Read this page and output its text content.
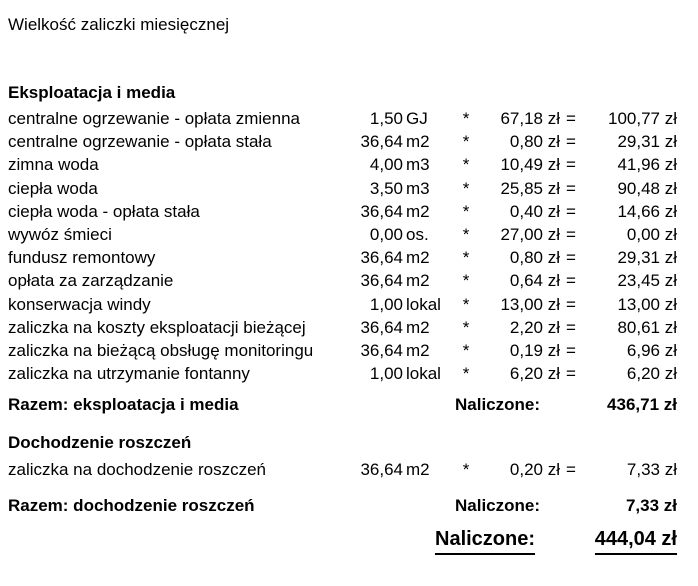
Wielkość zaliczki miesięcznej
Eksploatacja i media
centralne ogrzewanie - opłata zmienna	1,50 GJ	*	67,18 zł =	100,77 zł
centralne ogrzewanie - opłata stała	36,64 m2	*	0,80 zł =	29,31 zł
zimna woda	4,00 m3	*	10,49 zł =	41,96 zł
ciepła woda	3,50 m3	*	25,85 zł =	90,48 zł
ciepła woda - opłata stała	36,64 m2	*	0,40 zł =	14,66 zł
wywóz śmieci	0,00 os.	*	27,00 zł =	0,00 zł
fundusz remontowy	36,64 m2	*	0,80 zł =	29,31 zł
opłata za zarządzanie	36,64 m2	*	0,64 zł =	23,45 zł
konserwacja windy	1,00 lokal	*	13,00 zł =	13,00 zł
zaliczka na koszty eksploatacji bieżącej	36,64 m2	*	2,20 zł =	80,61 zł
zaliczka na bieżącą obsługę monitoringu	36,64 m2	*	0,19 zł =	6,96 zł
zaliczka na utrzymanie fontanny	1,00 lokal	*	6,20 zł =	6,20 zł
Razem: eksploatacja i media	Naliczone:	436,71 zł
Dochodzenie roszczeń
zaliczka na dochodzenie roszczeń	36,64 m2	*	0,20 zł =	7,33 zł
Razem: dochodzenie roszczeń	Naliczone:	7,33 zł
Naliczone:	444,04 zł
